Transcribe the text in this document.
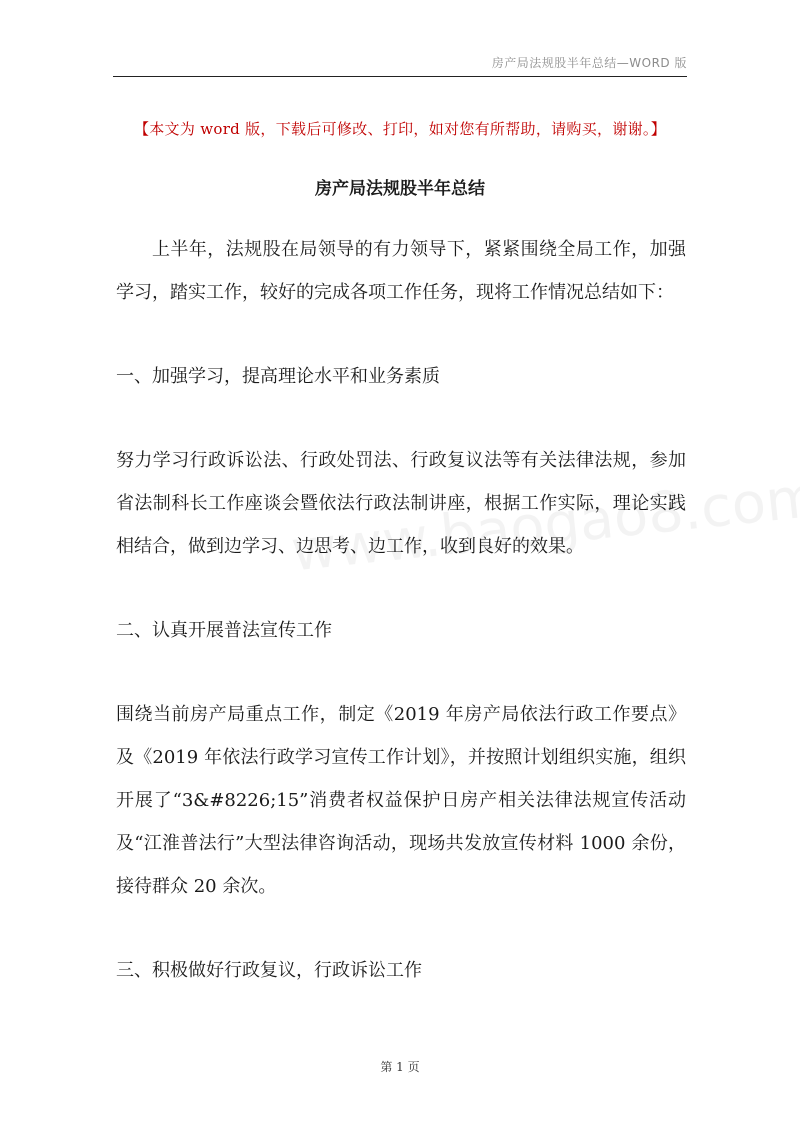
房产局法规股半年总结—WORD 版
【本文为 word 版，下载后可修改、打印，如对您有所帮助，请购买，谢谢。】
房产局法规股半年总结

上半年，法规股在局领导的有力领导下，紧紧围绕全局工作，加强学习，踏实工作，较好的完成各项工作任务，现将工作情况总结如下：

一、加强学习，提高理论水平和业务素质

努力学习行政诉讼法、行政处罚法、行政复议法等有关法律法规，参加省法制科长工作座谈会暨依法行政法制讲座，根据工作实际，理论实践相结合，做到边学习、边思考、边工作，收到良好的效果。

二、认真开展普法宣传工作

围绕当前房产局重点工作，制定《2019 年房产局依法行政工作要点》及《2019 年依法行政学习宣传工作计划》，并按照计划组织实施，组织开展了“3&#8226;15”消费者权益保护日房产相关法律法规宣传活动及“江淮普法行”大型法律咨询活动，现场共发放宣传材料 1000 余份，接待群众 20 余次。

三、积极做好行政复议，行政诉讼工作

第 1 页
